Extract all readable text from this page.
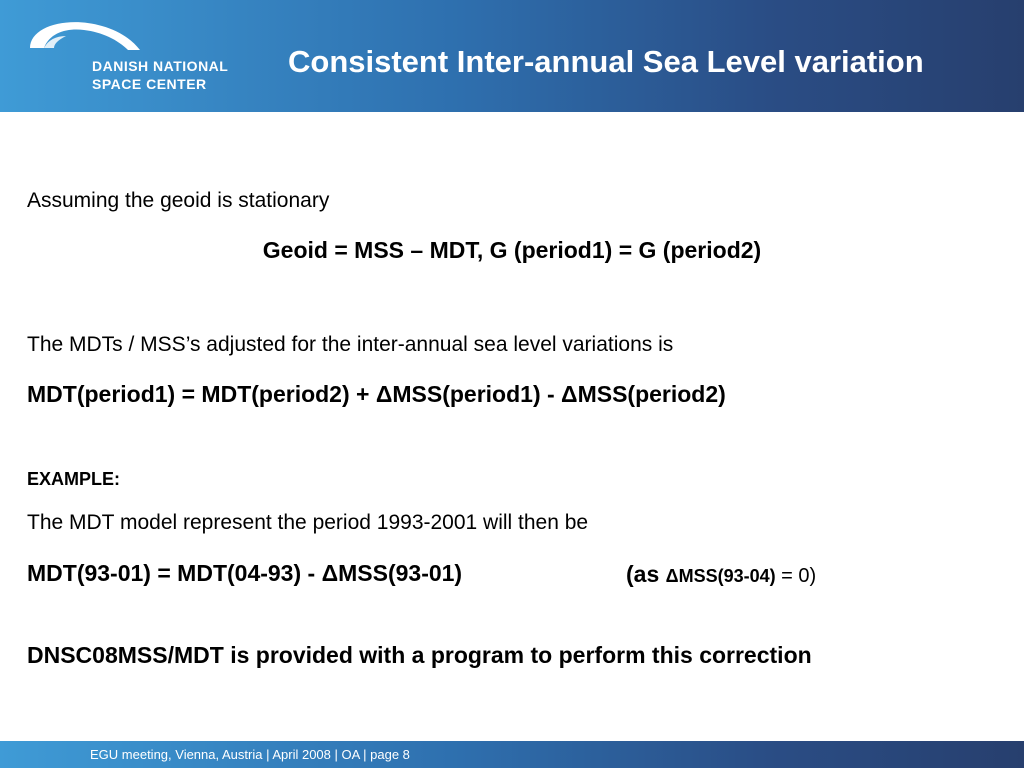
DANISH NATIONAL
SPACE CENTER
Consistent Inter-annual Sea Level variation
Assuming the geoid is stationary
Geoid = MSS – MDT, G (period1) = G (period2)
The MDTs / MSS’s adjusted for the inter-annual sea level variations is
MDT(period1) = MDT(period2) + ΔMSS(period1) - ΔMSS(period2)
EXAMPLE:
The MDT model represent the period 1993-2001 will then be
MDT(93-01) = MDT(04-93) - ΔMSS(93-01)	(as ΔMSS(93-04) = 0)
DNSC08MSS/MDT is provided with a program to perform this correction
EGU meeting, Vienna, Austria | April 2008 | OA | page 8
